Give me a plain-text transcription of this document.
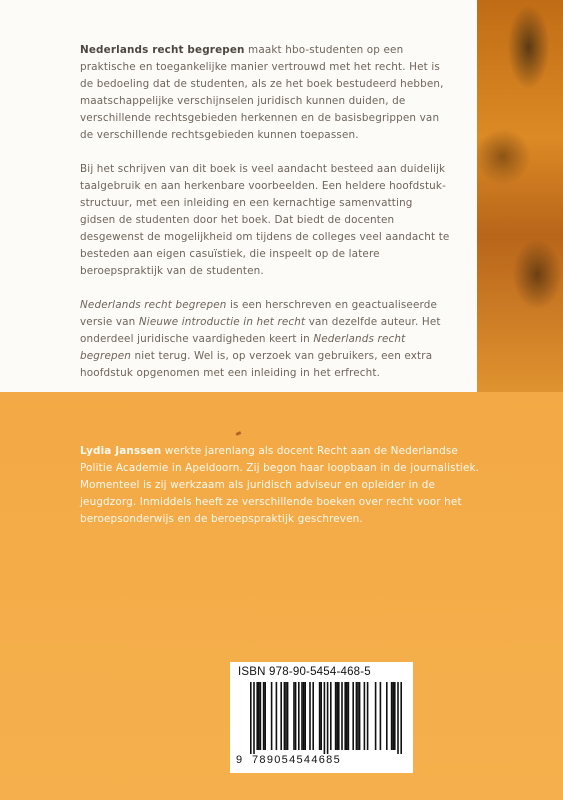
Nederlands recht begrepen maakt hbo-studenten op een praktische en toegankelijke manier vertrouwd met het recht. Het is de bedoeling dat de studenten, als ze het boek bestudeerd hebben, maatschappelijke verschijnselen juridisch kunnen duiden, de verschillende rechtsgebieden herkennen en de basisbegrippen van de verschillende rechtsgebieden kunnen toepassen.

Bij het schrijven van dit boek is veel aandacht besteed aan duidelijk taalgebruik en aan herkenbare voorbeelden. Een heldere hoofdstuk-structuur, met een inleiding en een kernachtige samenvatting gidsen de studenten door het boek. Dat biedt de docenten desgewenst de mogelijkheid om tijdens de colleges veel aandacht te besteden aan eigen casuïstiek, die inspeelt op de latere beroepspraktijk van de studenten.

Nederlands recht begrepen is een herschreven en geactualiseerde versie van Nieuwe introductie in het recht van dezelfde auteur. Het onderdeel juridische vaardigheden keert in Nederlands recht begrepen niet terug. Wel is, op verzoek van gebruikers, een extra hoofdstuk opgenomen met een inleiding in het erfrecht.

Lydia Janssen werkte jarenlang als docent Recht aan de Nederlandse Politie Academie in Apeldoorn. Zij begon haar loopbaan in de journalistiek. Momenteel is zij werkzaam als juridisch adviseur en opleider in de jeugdzorg. Inmiddels heeft ze verschillende boeken over recht voor het beroepsonderwijs en de beroepspraktijk geschreven.
ISBN 978-90-5454-468-5
9 789054544685
